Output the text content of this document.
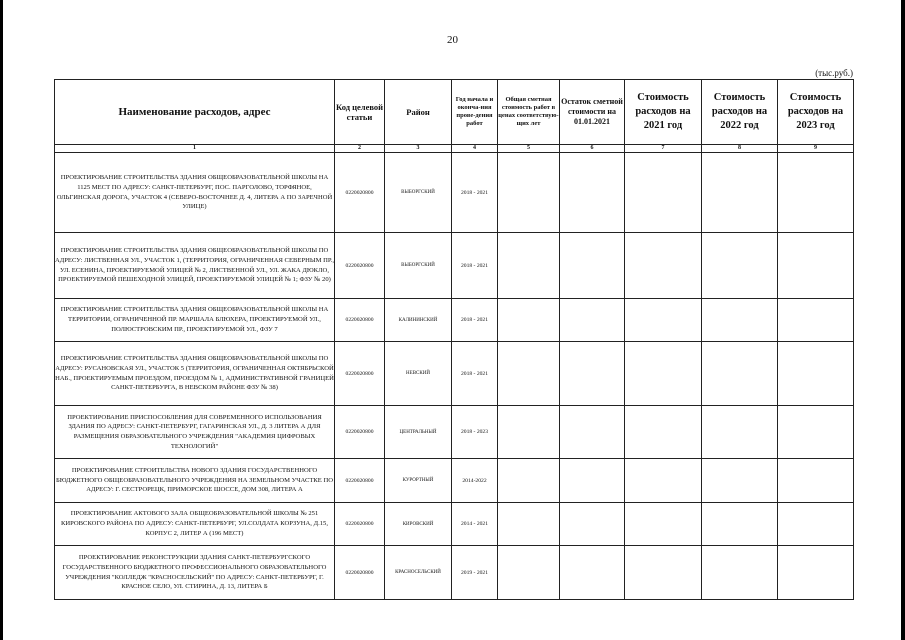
20
(тыс.руб.)
Наименование расходов, адрес	Код целевой статьи	Район	Год начала и оконча-ния прове-дения работ	Общая сметная стоимость работ в ценах соответствую-щих лет	Остаток сметной стоимости на 01.01.2021	Стоимость расходов на 2021 год	Стоимость расходов на 2022 год	Стоимость расходов на 2023 год
1	2	3	4	5	6	7	8	9
ПРОЕКТИРОВАНИЕ СТРОИТЕЛЬСТВА ЗДАНИЯ ОБЩЕОБРАЗОВАТЕЛЬНОЙ ШКОЛЫ НА 1125 МЕСТ ПО АДРЕСУ: САНКТ-ПЕТЕРБУРГ, ПОС. ПАРГОЛОВО, ТОРФЯНОЕ, ОЛЬГИНСКАЯ ДОРОГА, УЧАСТОК 4 (СЕВЕРО-ВОСТОЧНЕЕ Д. 4, ЛИТЕРА А ПО ЗАРЕЧНОЙ УЛИЦЕ)	0220020800	ВЫБОРГСКИЙ	2018 - 2021					
ПРОЕКТИРОВАНИЕ СТРОИТЕЛЬСТВА ЗДАНИЯ ОБЩЕОБРАЗОВАТЕЛЬНОЙ ШКОЛЫ ПО АДРЕСУ: ЛИСТВЕННАЯ УЛ., УЧАСТОК 1, (ТЕРРИТОРИЯ, ОГРАНИЧЕННАЯ СЕВЕРНЫМ ПР., УЛ. ЕСЕНИНА, ПРОЕКТИРУЕМОЙ УЛИЦЕЙ № 2, ЛИСТВЕННОЙ УЛ., УЛ. ЖАКА ДЮКЛО, ПРОЕКТИРУЕМОЙ ПЕШЕХОДНОЙ УЛИЦЕЙ, ПРОЕКТИРУЕМОЙ УЛИЦЕЙ № 1; ФЗУ № 20)	0220020800	ВЫБОРГСКИЙ	2018 - 2021					
ПРОЕКТИРОВАНИЕ СТРОИТЕЛЬСТВА ЗДАНИЯ ОБЩЕОБРАЗОВАТЕЛЬНОЙ ШКОЛЫ НА ТЕРРИТОРИИ, ОГРАНИЧЕННОЙ ПР. МАРШАЛА БЛЮХЕРА, ПРОЕКТИРУЕМОЙ УЛ., ПОЛЮСТРОВСКИМ ПР., ПРОЕКТИРУЕМОЙ УЛ., ФЗУ 7	0220020800	КАЛИНИНСКИЙ	2018 - 2021					
ПРОЕКТИРОВАНИЕ СТРОИТЕЛЬСТВА ЗДАНИЯ ОБЩЕОБРАЗОВАТЕЛЬНОЙ ШКОЛЫ ПО АДРЕСУ: РУСАНОВСКАЯ УЛ., УЧАСТОК 5 (ТЕРРИТОРИЯ, ОГРАНИЧЕННАЯ ОКТЯБРЬСКОЙ НАБ., ПРОЕКТИРУЕМЫМ ПРОЕЗДОМ, ПРОЕЗДОМ № 1, АДМИНИСТРАТИВНОЙ ГРАНИЦЕЙ САНКТ-ПЕТЕРБУРГА, В НЕВСКОМ РАЙОНЕ ФЗУ № 38)	0220020800	НЕВСКИЙ	2018 - 2021					
ПРОЕКТИРОВАНИЕ ПРИСПОСОБЛЕНИЯ ДЛЯ СОВРЕМЕННОГО ИСПОЛЬЗОВАНИЯ ЗДАНИЯ ПО АДРЕСУ: САНКТ-ПЕТЕРБУРГ, ГАГАРИНСКАЯ УЛ., Д. 3 ЛИТЕРА А ДЛЯ РАЗМЕЩЕНИЯ ОБРАЗОВАТЕЛЬНОГО УЧРЕЖДЕНИЯ "АКАДЕМИЯ ЦИФРОВЫХ ТЕХНОЛОГИЙ"	0220020800	ЦЕНТРАЛЬНЫЙ	2018 - 2023					
ПРОЕКТИРОВАНИЕ СТРОИТЕЛЬСТВА НОВОГО ЗДАНИЯ ГОСУДАРСТВЕННОГО БЮДЖЕТНОГО ОБЩЕОБРАЗОВАТЕЛЬНОГО УЧРЕЖДЕНИЯ НА ЗЕМЕЛЬНОМ УЧАСТКЕ ПО АДРЕСУ: Г. СЕСТРОРЕЦК, ПРИМОРСКОЕ ШОССЕ, ДОМ 308, ЛИТЕРА А	0220020800	КУРОРТНЫЙ	2014-2022					
ПРОЕКТИРОВАНИЕ АКТОВОГО ЗАЛА ОБЩЕОБРАЗОВАТЕЛЬНОЙ ШКОЛЫ № 251 КИРОВСКОГО РАЙОНА ПО АДРЕСУ: САНКТ-ПЕТЕРБУРГ, УЛ.СОЛДАТА КОРЗУНА, Д.15, КОРПУС 2, ЛИТЕР А (196 МЕСТ)	0220020800	КИРОВСКИЙ	2014 - 2021					
ПРОЕКТИРОВАНИЕ РЕКОНСТРУКЦИИ ЗДАНИЯ САНКТ-ПЕТЕРБУРГСКОГО ГОСУДАРСТВЕННОГО БЮДЖЕТНОГО ПРОФЕССИОНАЛЬНОГО ОБРАЗОВАТЕЛЬНОГО УЧРЕЖДЕНИЯ "КОЛЛЕДЖ "КРАСНОСЕЛЬСКИЙ" ПО АДРЕСУ: САНКТ-ПЕТЕРБУРГ, Г. КРАСНОЕ СЕЛО, УЛ. СТИРИНА, Д. 13, ЛИТЕРА Б	0220020800	КРАСНОСЕЛЬСКИЙ	2019 - 2021					
